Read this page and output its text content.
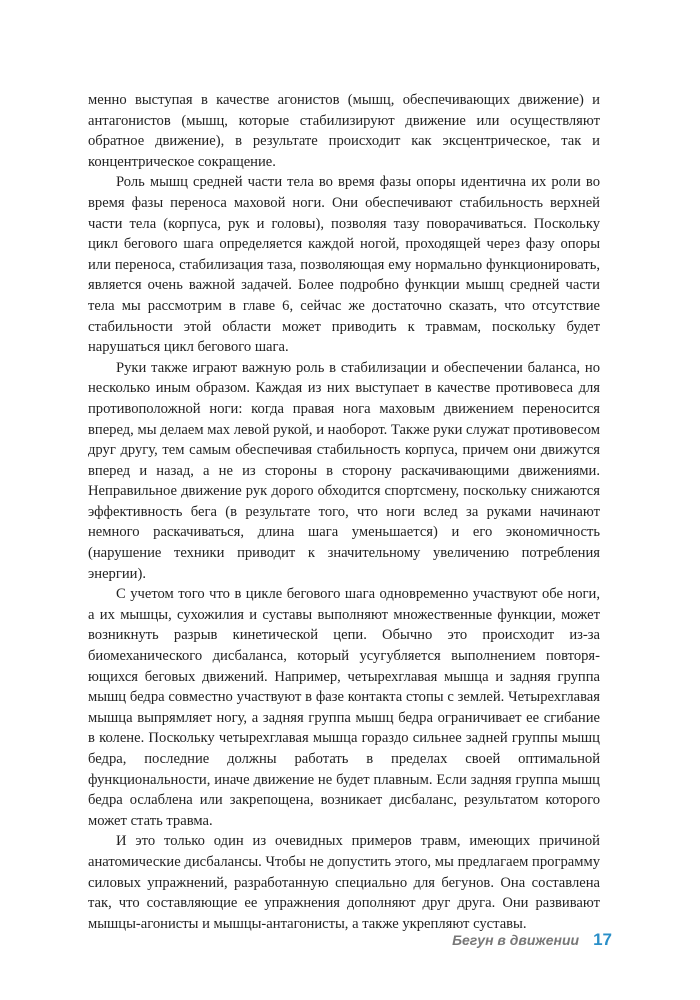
менно выступая в качестве агонистов (мышц, обеспечивающих движение) и антагонистов (мышц, которые стабилизируют движение или осуществляют обратное движение), в результате происходит как эксцентрическое, так и концентрическое сокращение.

Роль мышц средней части тела во время фазы опоры идентична их роли во время фазы переноса маховой ноги. Они обеспечивают стабильность верхней части тела (корпуса, рук и головы), позволяя тазу поворачиваться. Поскольку цикл бегового шага определяется каждой ногой, проходящей через фазу опоры или переноса, стабилизация таза, позволяющая ему нормально функционировать, является очень важной задачей. Более подробно функции мышц средней части тела мы рассмотрим в главе 6, сейчас же достаточно сказать, что отсутствие стабильности этой области может приводить к травмам, поскольку будет нарушаться цикл бегового шага.

Руки также играют важную роль в стабилизации и обеспечении баланса, но несколько иным образом. Каждая из них выступает в качестве противовеса для противоположной ноги: когда правая нога маховым движением переносится вперед, мы делаем мах левой рукой, и наоборот. Также руки служат противовесом друг другу, тем самым обеспечивая стабильность корпуса, причем они движутся вперед и назад, а не из стороны в сторону раскачивающими движениями. Неправильное движение рук дорого обходится спортсмену, поскольку снижаются эффективность бега (в результате того, что ноги вслед за руками начинают немного раскачиваться, длина шага уменьшается) и его экономичность (нарушение техники приводит к значительному увеличению потребления энергии).

С учетом того что в цикле бегового шага одновременно участвуют обе ноги, а их мышцы, сухожилия и суставы выполняют множественные функции, может возникнуть разрыв кинетической цепи. Обычно это происходит из-за биомеханического дисбаланса, который усугубляется выполнением повторяющихся беговых движений. Например, четырехглавая мышца и задняя группа мышц бедра совместно участвуют в фазе контакта стопы с землей. Четырехглавая мышца выпрямляет ногу, а задняя группа мышц бедра ограничивает ее сгибание в колене. Поскольку четырехглавая мышца гораздо сильнее задней группы мышц бедра, последние должны работать в пределах своей оптимальной функциональности, иначе движение не будет плавным. Если задняя группа мышц бедра ослаблена или закрепощена, возникает дисбаланс, результатом которого может стать травма.

И это только один из очевидных примеров травм, имеющих причиной анатомические дисбалансы. Чтобы не допустить этого, мы предлагаем программу силовых упражнений, разработанную специально для бегунов. Она составлена так, что составляющие ее упражнения дополняют друг друга. Они развивают мышцы-агонисты и мышцы-антагонисты, а также укрепляют суставы.

Бегун в движении 17
